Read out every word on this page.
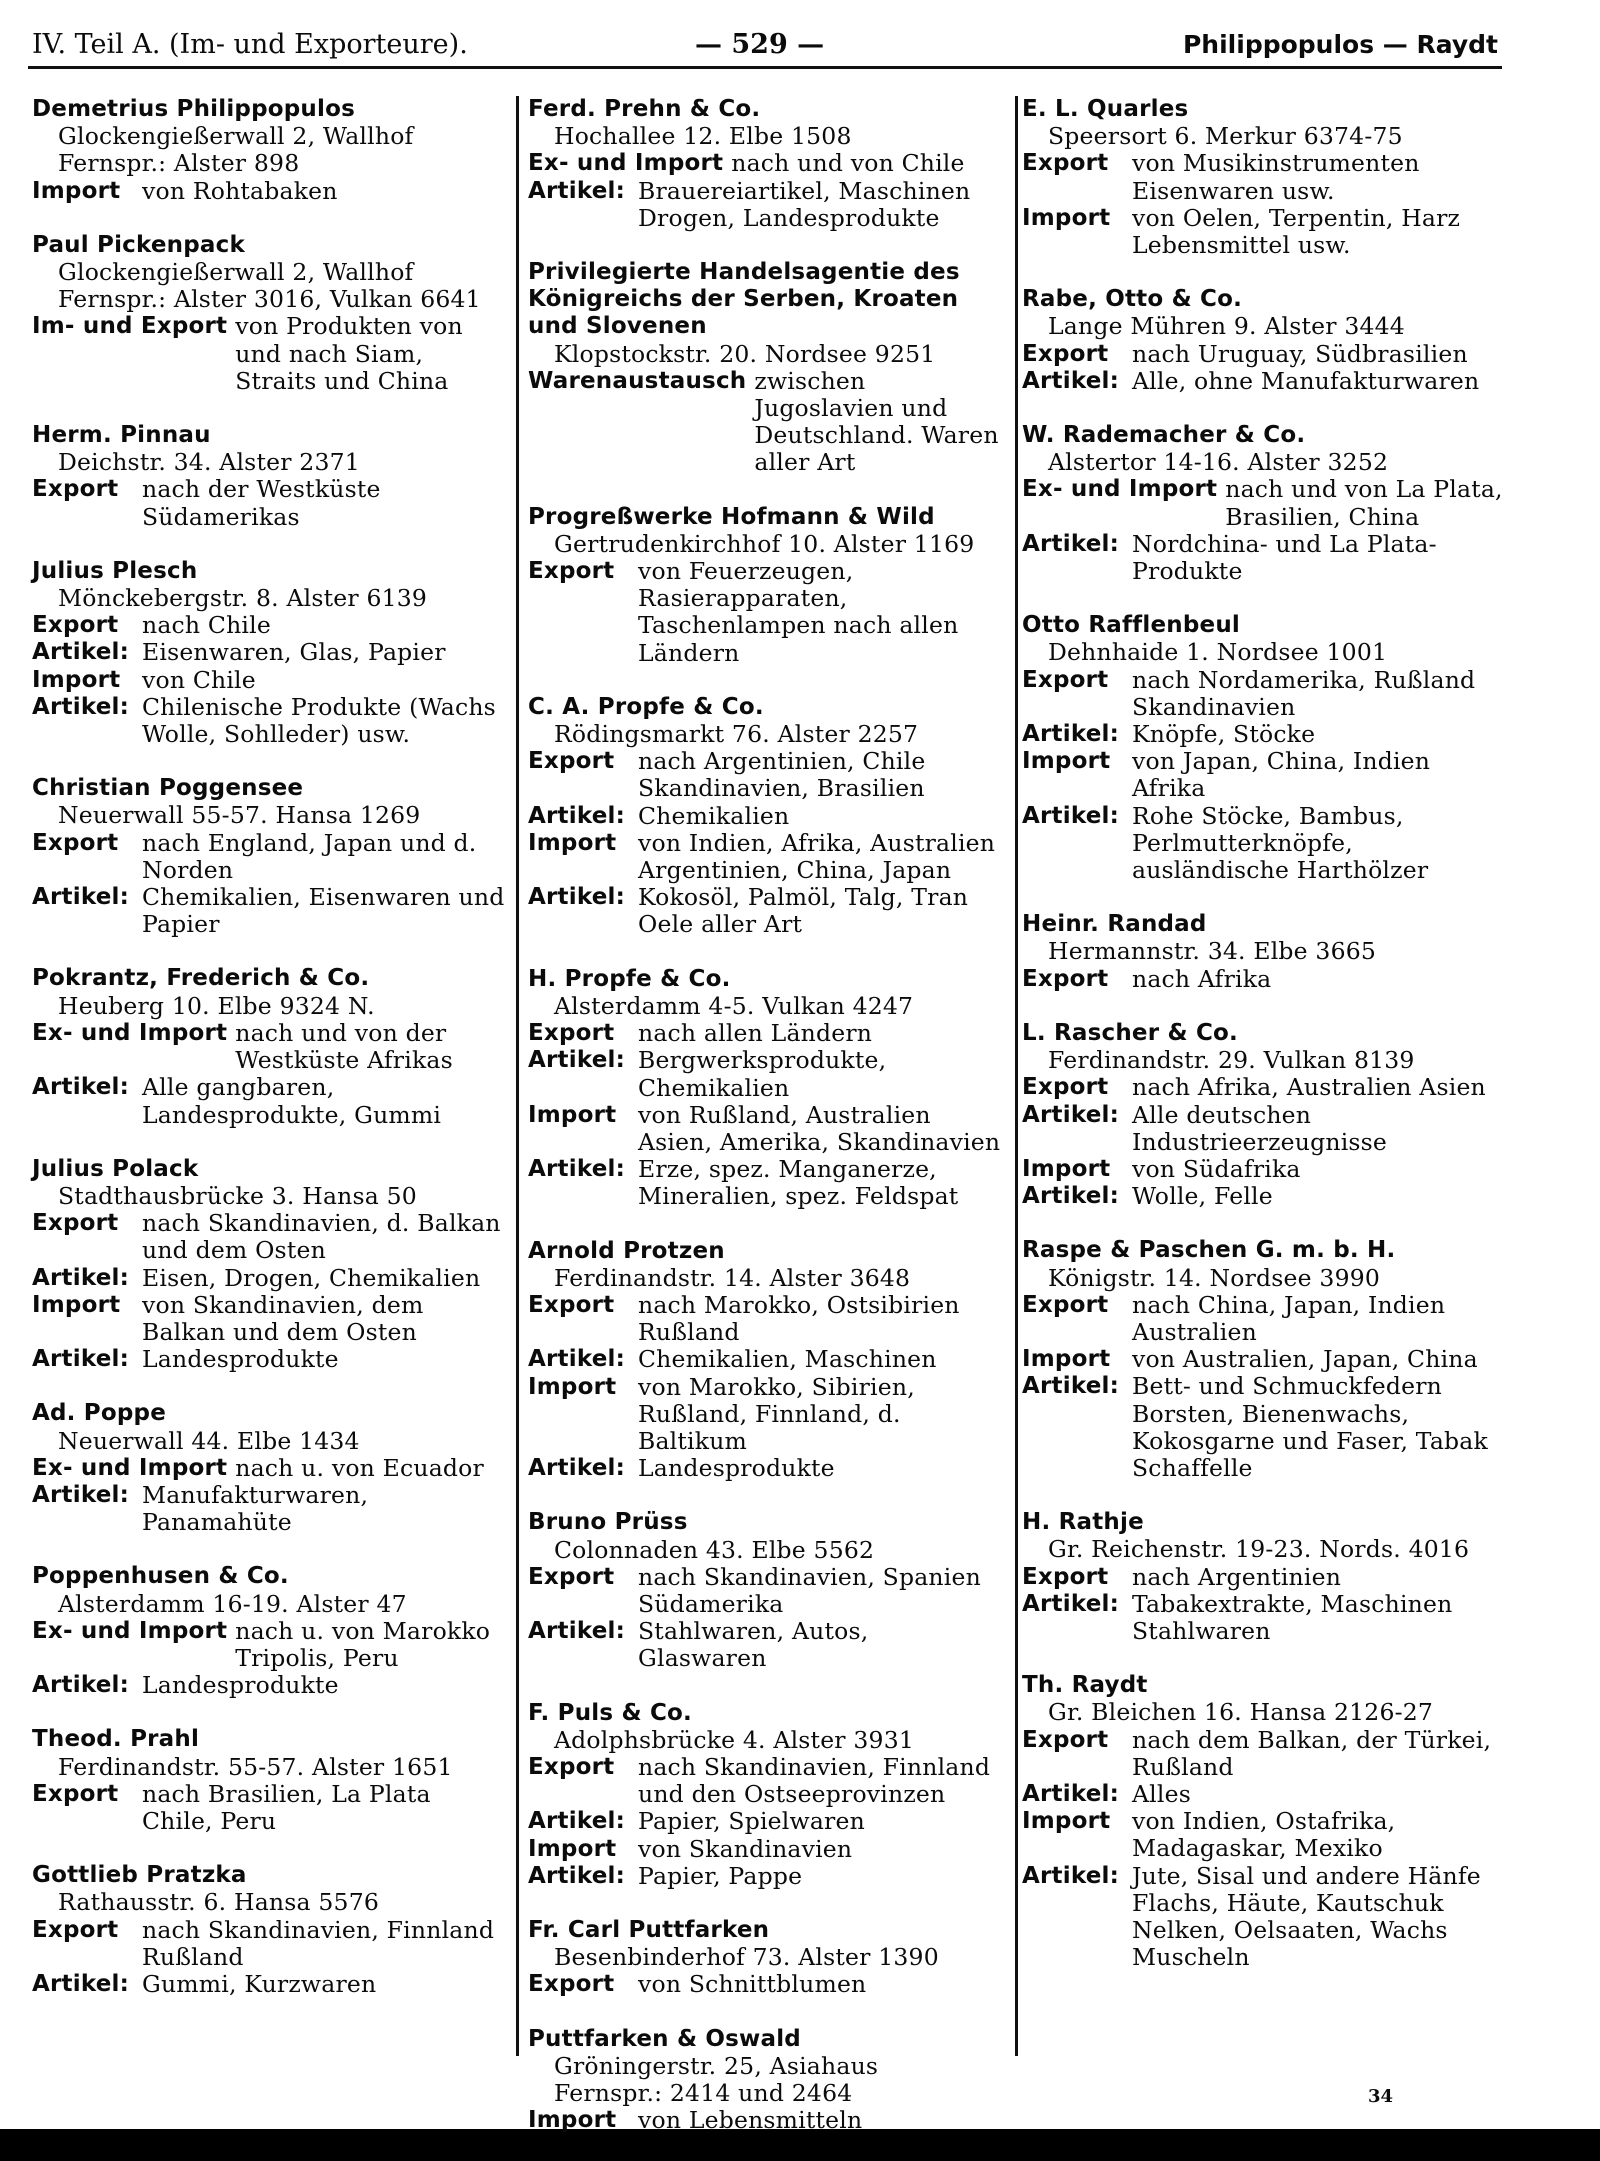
IV. Teil A. (Im- und Exporteure).	— 529 —	Philippopulos — Raydt
Demetrius Philippopulos
Glockengießerwall 2, Wallhof
Fernspr.: Alster 898
Import von Rohtabaken
Paul Pickenpack
Glockengießerwall 2, Wallhof
Fernspr.: Alster 3016, Vulkan 6641
Im- und Export von Produkten von und nach Siam, Straits und China
Herm. Pinnau
Deichstr. 34. Alster 2371
Export	nach der Westküste Südamerikas
Julius Plesch
Mönckebergstr. 8. Alster 6139
Export	nach Chile
Artikel: Eisenwaren, Glas, Papier
Import von Chile
Artikel: Chilenische Produkte (Wachs Wolle, Sohlleder) usw.
Christian Poggensee
Neuerwall 55-57. Hansa 1269
Export	nach England, Japan und d. Norden
Artikel: Chemikalien, Eisenwaren und Papier
Pokrantz, Frederich & Co.
Heuberg 10. Elbe 9324 N.
Ex- und Import nach und von der Westküste Afrikas
Artikel: Alle gangbaren, Landesprodukte, Gummi
Julius Polack
Stadthausbrücke 3. Hansa 50
Export	nach Skandinavien, d. Balkan und dem Osten
Artikel: Eisen, Drogen, Chemikalien
Import von Skandinavien, dem Balkan und dem Osten
Artikel: Landesprodukte
Ad. Poppe
Neuerwall 44. Elbe 1434
Ex- und Import nach u. von Ecuador
Artikel: Manufakturwaren, Panamahüte
Poppenhusen & Co.
Alsterdamm 16-19. Alster 47
Ex- und Import nach u. von Marokko Tripolis, Peru
Artikel: Landesprodukte
Theod. Prahl
Ferdinandstr. 55-57. Alster 1651
Export	nach Brasilien, La Plata Chile, Peru
Gottlieb Pratzka
Rathausstr. 6. Hansa 5576
Export	nach Skandinavien, Finnland Rußland
Artikel: Gummi, Kurzwaren
Ferd. Prehn & Co.
Hochallee 12. Elbe 1508
Ex- und Import nach und von Chile
Artikel: Brauereiartikel, Maschinen Drogen, Landesprodukte
Privilegierte Handelsagentie des Königreichs der Serben, Kroaten und Slovenen
Klopstockstr. 20. Nordsee 9251
Warenaustausch zwischen Jugoslavien und Deutschland. Waren aller Art
Progreßwerke Hofmann & Wild
Gertrudenkirchhof 10. Alster 1169
Export	von Feuerzeugen, Rasierapparaten, Taschenlampen nach allen Ländern
C. A. Propfe & Co.
Rödingsmarkt 76. Alster 2257
Export	nach Argentinien, Chile Skandinavien, Brasilien
Artikel: Chemikalien
Import von Indien, Afrika, Australien Argentinien, China, Japan
Artikel: Kokosöl, Palmöl, Talg, Tran Oele aller Art
H. Propfe & Co.
Alsterdamm 4-5. Vulkan 4247
Export	nach allen Ländern
Artikel: Bergwerksprodukte, Chemikalien
Import von Rußland, Australien Asien, Amerika, Skandinavien
Artikel: Erze, spez. Manganerze, Mineralien, spez. Feldspat
Arnold Protzen
Ferdinandstr. 14. Alster 3648
Export	nach Marokko, Ostsibirien Rußland
Artikel: Chemikalien, Maschinen
Import von Marokko, Sibirien, Rußland, Finnland, d. Baltikum
Artikel: Landesprodukte
Bruno Prüss
Colonnaden 43. Elbe 5562
Export	nach Skandinavien, Spanien Südamerika
Artikel: Stahlwaren, Autos, Glaswaren
F. Puls & Co.
Adolphsbrücke 4. Alster 3931
Export	nach Skandinavien, Finnland und den Ostseeprovinzen
Artikel: Papier, Spielwaren
Import von Skandinavien
Artikel: Papier, Pappe
Fr. Carl Puttfarken
Besenbinderhof 73. Alster 1390
Export	von Schnittblumen
Puttfarken & Oswald
Gröningerstr. 25, Asiahaus
Fernspr.: 2414 und 2464
Import von Lebensmitteln
E. L. Quarles
Speersort 6. Merkur 6374-75
Export	von Musikinstrumenten Eisenwaren usw.
Import von Oelen, Terpentin, Harz Lebensmittel usw.
Rabe, Otto & Co.
Lange Mühren 9. Alster 3444
Export	nach Uruguay, Südbrasilien
Artikel: Alle, ohne Manufakturwaren
W. Rademacher & Co.
Alstertor 14-16. Alster 3252
Ex- und Import nach und von La Plata, Brasilien, China
Artikel: Nordchina- und La Plata-Produkte
Otto Rafflenbeul
Dehnhaide 1. Nordsee 1001
Export	nach Nordamerika, Rußland Skandinavien
Artikel: Knöpfe, Stöcke
Import von Japan, China, Indien Afrika
Artikel: Rohe Stöcke, Bambus, Perlmutterknöpfe, ausländische Harthölzer
Heinr. Randad
Hermannstr. 34. Elbe 3665
Export	nach Afrika
L. Rascher & Co.
Ferdinandstr. 29. Vulkan 8139
Export	nach Afrika, Australien Asien
Artikel: Alle deutschen Industrieerzeugnisse
Import von Südafrika
Artikel: Wolle, Felle
Raspe & Paschen G. m. b. H.
Königstr. 14. Nordsee 3990
Export	nach China, Japan, Indien Australien
Import von Australien, Japan, China
Artikel: Bett- und Schmuckfedern Borsten, Bienenwachs, Kokosgarne und Faser, Tabak Schaffelle
H. Rathje
Gr. Reichenstr. 19-23. Nords. 4016
Export	nach Argentinien
Artikel: Tabakextrakte, Maschinen Stahlwaren
Th. Raydt
Gr. Bleichen 16. Hansa 2126-27
Export	nach dem Balkan, der Türkei, Rußland
Artikel: Alles
Import von Indien, Ostafrika, Madagaskar, Mexiko
Artikel: Jute, Sisal und andere Hänfe Flachs, Häute, Kautschuk Nelken, Oelsaaten, Wachs Muscheln
34
